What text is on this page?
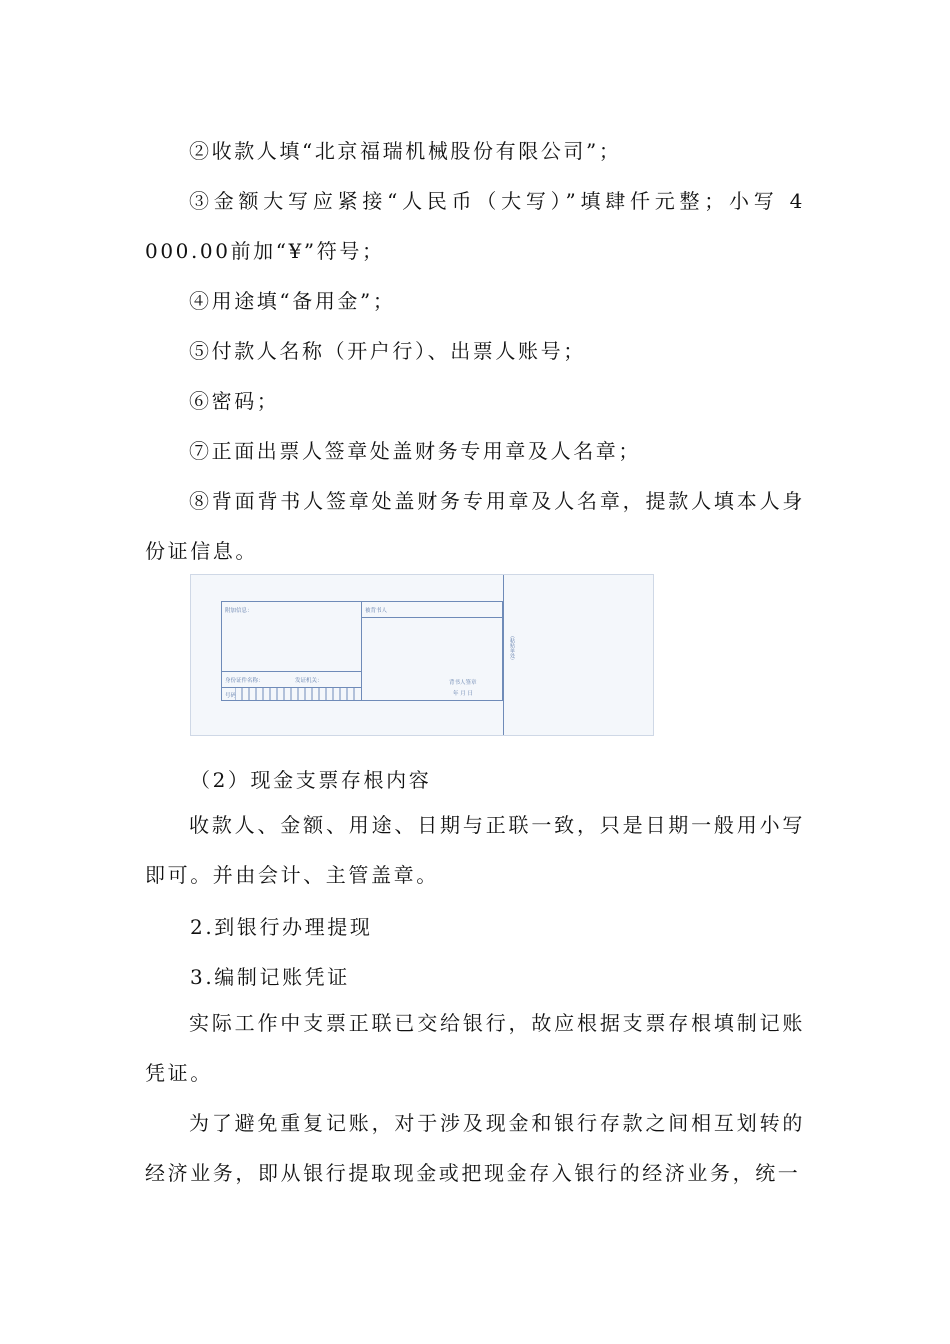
②收款人填“北京福瑞机械股份有限公司”；

③金额大写应紧接“人民币（大写）”填肆仟元整；小写 4 000.00前加“¥”符号；

④用途填“备用金”；

⑤付款人名称（开户行）、出票人账号；

⑥密码；

⑦正面出票人签章处盖财务专用章及人名章；

⑧背面背书人签章处盖财务专用章及人名章，提款人填本人身份证信息。

附加信息：	被背书人
身份证件名称：	发证机关：
号码
背书人签章
年 月 日
（粘贴单处）

（2）现金支票存根内容

收款人、金额、用途、日期与正联一致，只是日期一般用小写即可。并由会计、主管盖章。

2.到银行办理提现

3.编制记账凭证

实际工作中支票正联已交给银行，故应根据支票存根填制记账凭证。

为了避免重复记账，对于涉及现金和银行存款之间相互划转的经济业务，即从银行提取现金或把现金存入银行的经济业务，统一
